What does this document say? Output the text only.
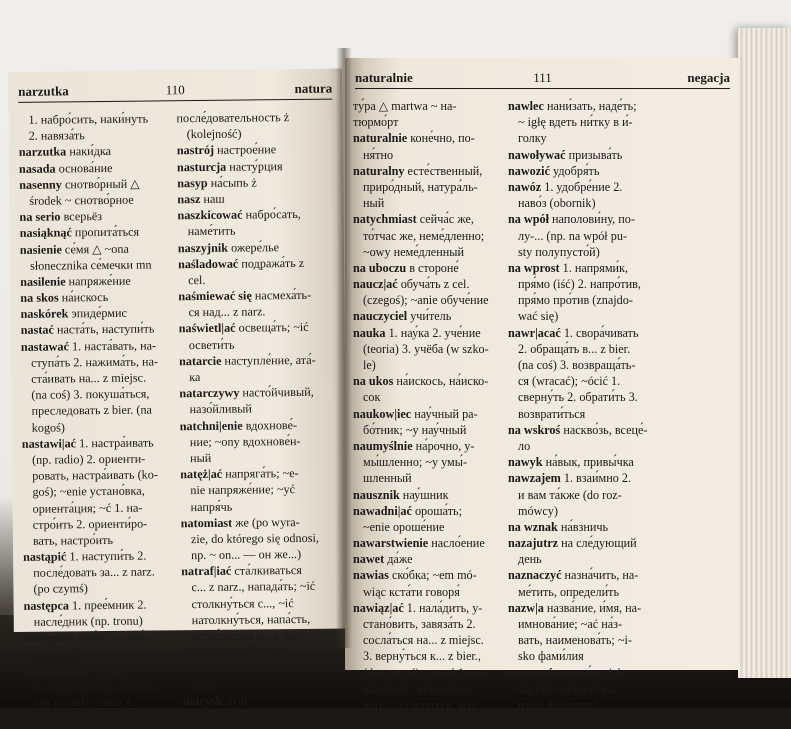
narzutka	110	natura
1. набро́сить, наки́нуть
2. навяза́ть
narzutka наки́дка
nasada основа́ние
nasenny снотво́рный △
środek ~ снотво́рное
na serio всерьёз
nasiąknąć пропита́ться
nasienie се́мя △ ~ona
słonecznika се́мечки mn
nasilenie напряже́ние
na skos на́искось
naskórek эпиде́рмис
nastać наста́ть, наступи́ть
nastawać 1. наста́вать, на-
ступа́ть 2. нажима́ть, на-
ста́ивать на... z miejsc.
(na coś) 3. покуша́ться,
преследовать z bier. (na
kogoś)
nastawi|ać 1. настра́ивать
(np. radio) 2. ориенти-
ровать, настра́ивать (ko-
goś); ~enie устано́вка,
ориента́ция; ~ć 1. на-
стро́ить 2. ориенти́ро-
вать, настро́ить
nastąpić 1. наступи́ть 2.
после́довать за... z narz.
(po czymś)
następca 1. прее́мник 2.
насле́дник (np. tronu)
następnie зате́м; ~y сле́-
дующий
następ|ować 1. наступа́ть
2. сле́довать за... z narz.
(po czymś) ~stwo 1.
после́дствие (skutek) 2.
после́довательность ż
(kolejność)
nastrój настрое́ние
nasturcja насту́рция
nasyp на́сыпь ż
nasz наш
naszkicować набро́сать,
наме́тить
naszyjnik ожере́лье
naśladować подража́ть z
cel.
naśmiewać się насмеха́ть-
ся над... z narz.
naświetl|ać освеща́ть; ~ić
освети́ть
natarcie наступле́ние, ата́-
ка
natarczywy насто́йчивый,
назо́йливый
natchni|enie вдохнове́-
ние; ~ony вдохнове́н-
ный
natęż|ać напряга́ть; ~e-
nie напряже́ние; ~yć
напря́чь
natomiast же (po wyra-
zie, do którego się odnosi,
np. ~ on... — он же...)
natraf|iać ста́лкиваться
с... z narz., напада́ть; ~ić
столкну́ться с..., ~ić
натолкну́ться, напа́сть,
встре́титься с... z narz.
natrętny навя́зчивый,
неотвя́зный, назо́йли-
вый
natrysk душ
natura 1. приро́да 2. на-
naturalnie	111	negacja
ту́ра △ martwa ~ на-
тюрмо́рт
naturalnie коне́чно, по-
ня́тно
naturalny есте́ственный,
приро́дный, натура́ль-
ный
natychmiast сейча́с же,
то́тчас же, неме́дленно;
~owy неме́дленный
na uboczu в стороне́
naucz|ać обуча́ть z cel.
(czegoś); ~anie обуче́ние
nauczyciel учи́тель
nauka 1. нау́ка 2. уче́ние
(teoria) 3. учёба (w szko-
le)
na ukos на́искось, на́иско-
сок
naukow|iec нау́чный ра-
бо́тник; ~y нау́чный
naumyślnie на́рочно, у-
мы́шленно; ~y умы́-
шленный
nausznik нау́шник
nawadni|ać ороша́ть;
~enie ороше́ние
nawarstwienie насло́ение
nawet да́же
nawias ско́бка; ~em mó-
wiąc кста́ти говоря́
nawiąz|ać 1. нала́дить, у-
стано́вить, завяза́ть 2.
сосла́ться на... z miejsc.
3. верну́ться к... z bier.,
(do czegoś) ~ywać 1. на-
ла́живать, устана́вли-
вать 2. ссыла́ться, воз-
враща́ться
nawlec нани́зать, наде́ть;
~ igłę вдеть ни́тку в и́-
голку
nawoływać призыва́ть
nawozić удобря́ть
nawóz 1. удобре́ние 2.
наво́з (obornik)
na wpół наполови́ну, по-
лу-... (np. na wpół pu-
sty полупусто́й)
na wprost 1. напрями́к,
пря́мо (iść) 2. напро́тив,
пря́мо про́тив (znajdo-
wać się)
nawr|acać 1. свора́чивать
2. обраща́ть в... z bier.
(na coś) 3. возвраща́ть-
ся (wracać); ~ócić 1.
сверну́ть 2. обрати́ть 3.
возврати́ться
na wskroś наскво́зь, всеце́-
ло
nawyk на́вык, привы́чка
nawzajem 1. взаи́мно 2.
и вам та́кже (do roz-
mówcy)
na wznak на́взничь
nazajutrz на сле́дующий
день
naznaczyć назна́чить, на-
ме́тить, определи́ть
nazw|a назва́ние, и́мя, на-
имнова́ние; ~ać на́з-
вать, наименова́ть; ~i-
sko фами́лия
nazywać называ́ть; jak
się Pan nazywa? как
ва́ша фами́лия?
negacja отрица́ние
